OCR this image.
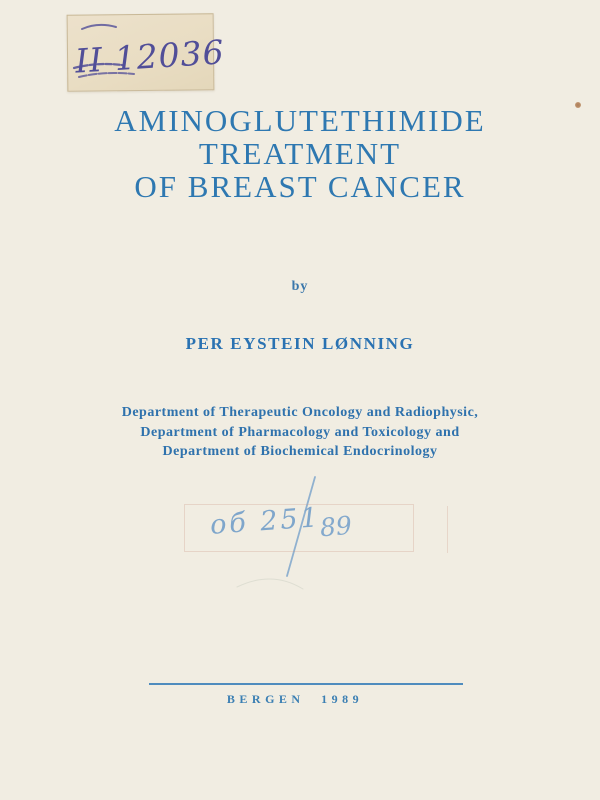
II 12036
AMINOGLUTETHIMIDE
TREATMENT
OF BREAST CANCER
by
PER EYSTEIN LØNNING
Department of Therapeutic Oncology and Radiophysic,
Department of Pharmacology and Toxicology and
Department of Biochemical Endocrinology
об 251
89
BERGEN 1989
